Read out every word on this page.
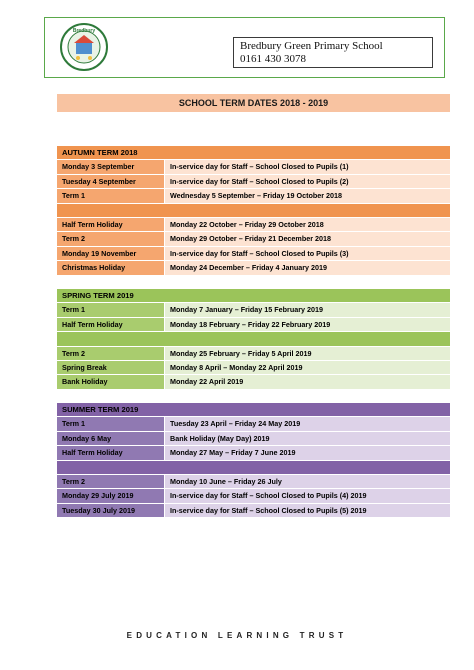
Bredbury
Bredbury Green Primary School
0161 430 3078
SCHOOL TERM DATES 2018 - 2019
AUTUMN TERM 2018
Monday 3 September	In-service day for Staff – School Closed to Pupils (1)
Tuesday 4 September	In-service day for Staff – School Closed to Pupils (2)
Term 1	Wednesday 5 September – Friday 19 October 2018
Half Term Holiday	Monday 22 October – Friday 29 October 2018
Term 2	Monday 29 October – Friday 21 December 2018
Monday 19 November	In-service day for Staff – School Closed to Pupils (3)
Christmas Holiday	Monday 24 December – Friday 4 January 2019
SPRING TERM 2019
Term 1	Monday 7 January – Friday 15 February 2019
Half Term Holiday	Monday 18 February – Friday 22 February 2019
Term 2	Monday 25 February – Friday 5 April 2019
Spring Break	Monday 8 April – Monday 22 April 2019
Bank Holiday	Monday 22 April 2019
SUMMER TERM 2019
Term 1	Tuesday 23 April – Friday 24 May 2019
Monday 6 May	Bank Holiday (May Day) 2019
Half Term Holiday	Monday 27 May – Friday 7 June 2019
Term 2	Monday 10 June – Friday 26 July
Monday 29 July 2019	In-service day for Staff – School Closed to Pupils (4) 2019
Tuesday 30 July 2019	In-service day for Staff – School Closed to Pupils (5) 2019
EDUCATION LEARNING TRUST
